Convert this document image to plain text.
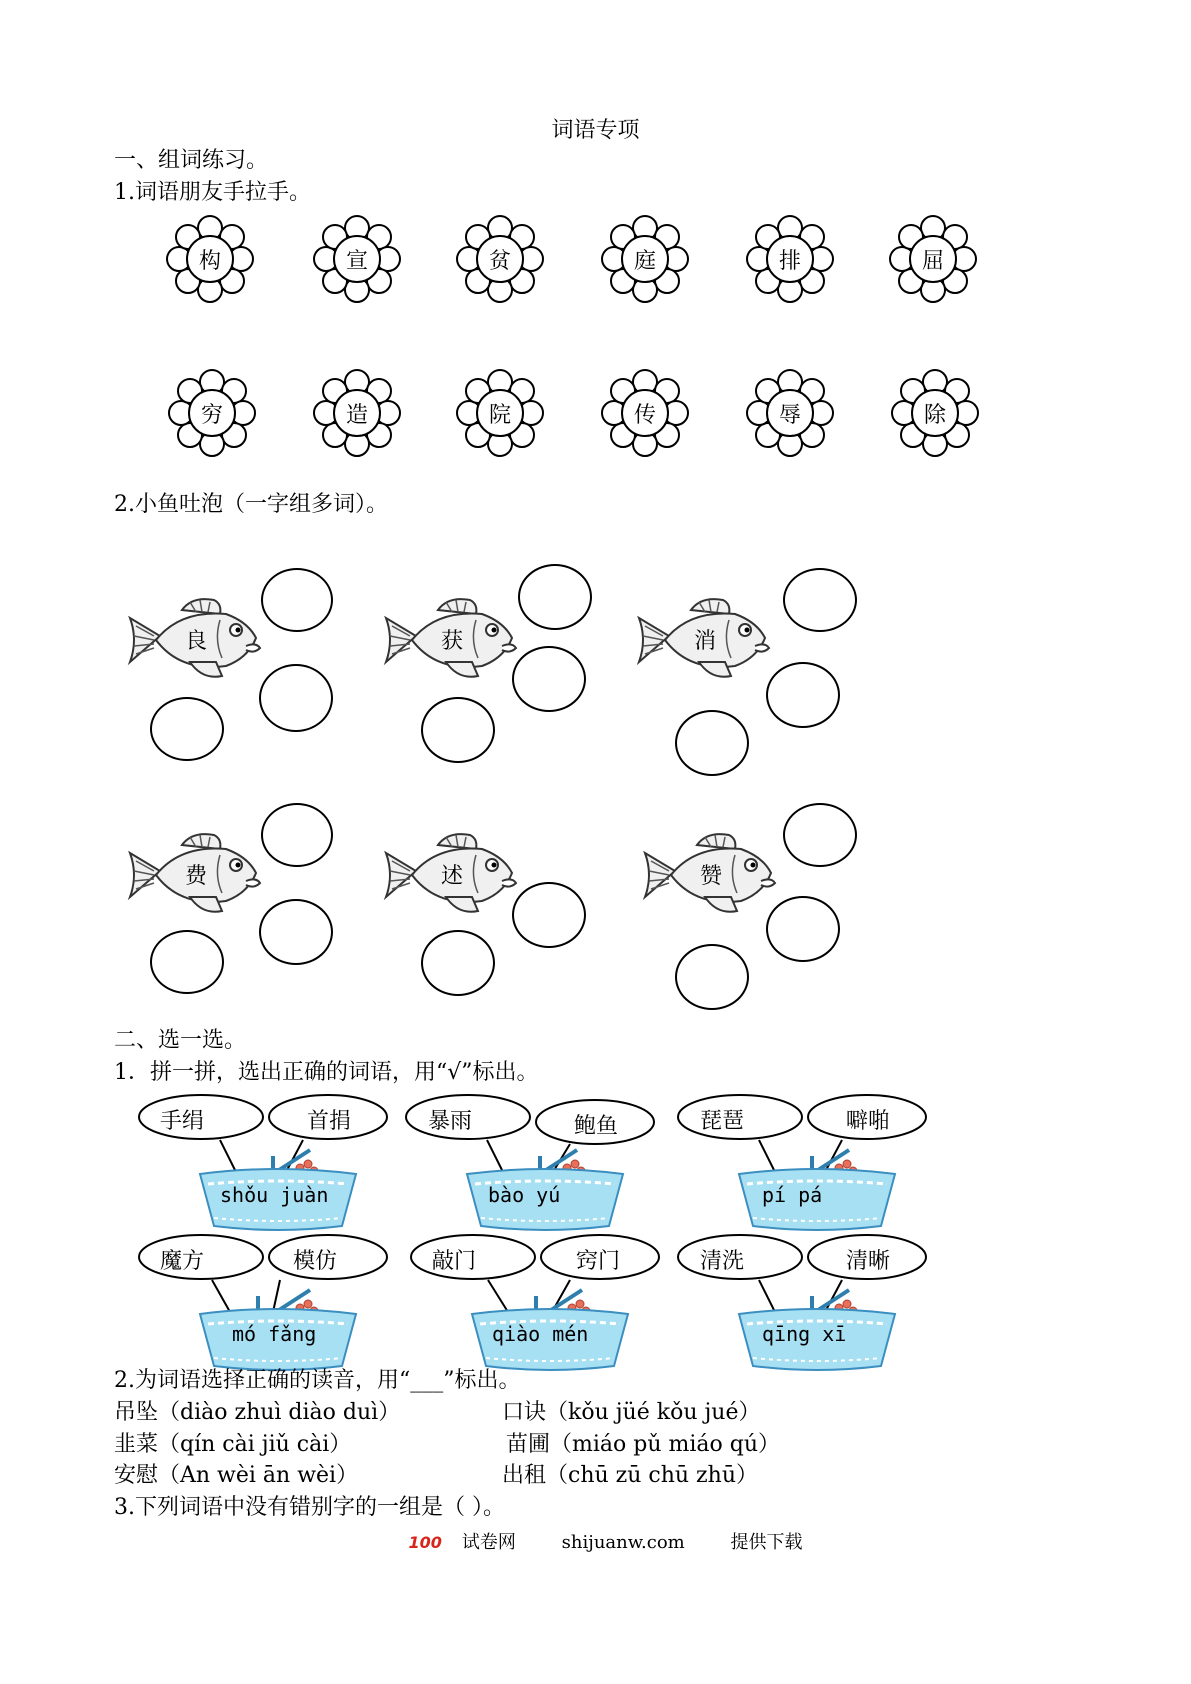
词语专项
一、组词练习。
1.词语朋友手拉手。
构	宣	贫	庭	排	屈
穷	造	院	传	辱	除
2.小鱼吐泡（一字组多词）。
良	获	消
费	述	赞
二、选一选。
1．拼一拼，选出正确的词语，用“√”标出。
手绢	首捐
shǒu juàn
暴雨	鲍鱼
bào yú
琵琶	噼啪
pí pá
魔方	模仿
mó fǎng
敲门	窍门
qiào mén
清洗	清晰
qīng xī
2.为词语选择正确的读音，用“___”标出。
吊坠（diào zhuì diào duì）	口诀（kǒu jüé kǒu jué）
韭菜（qín cài jiǔ cài）	苗圃（miáo pǔ miáo qú）
安慰（An wèi ān wèi）	出租（chū zū chū zhū）
3.下列词语中没有错别字的一组是（ ）。
100 试卷网	shijuanw.com	提供下载
